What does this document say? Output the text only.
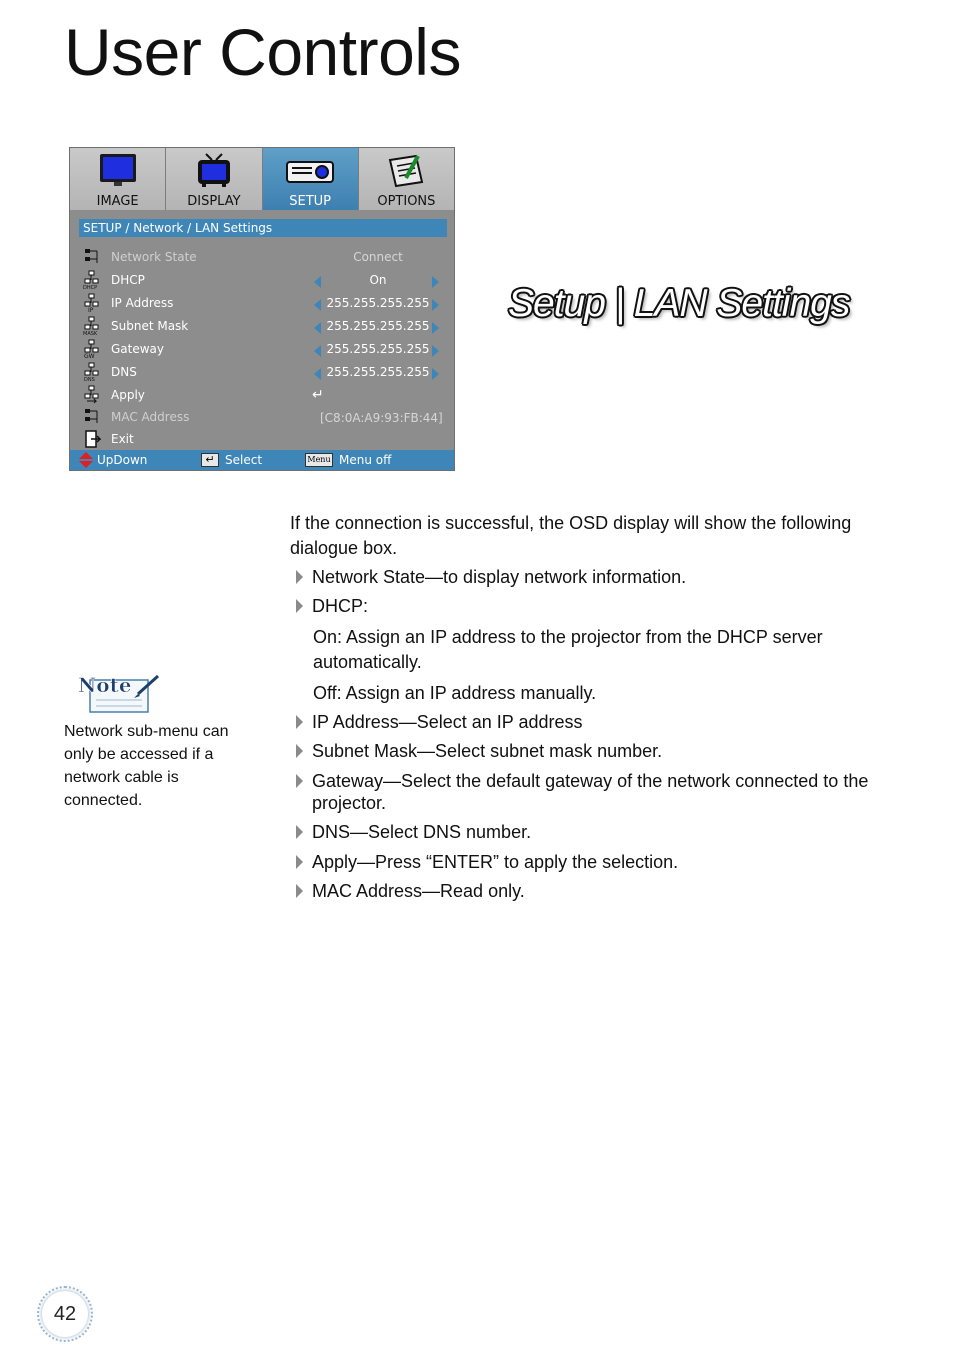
User Controls
IMAGE	DISPLAY	SETUP	OPTIONS
SETUP / Network / LAN Settings
Network State	Connect
DHCP
DHCP	On
IP
IP Address	255.255.255.255
MASK
Subnet Mask	255.255.255.255
GW
Gateway	255.255.255.255
DNS
DNS	255.255.255.255
Apply	↵
MAC Address	[C8:0A:A9:93:FB:44]
Exit
UpDown	↵ Select	Menu Menu off
Setup | LAN Settings
Note
Network sub-menu can only be accessed if a network cable is connected.
If the connection is successful, the OSD display will show the following dialogue box.
Network State—to display network information.
DHCP:
On: Assign an IP address to the projector from the DHCP server automatically.
Off: Assign an IP address manually.
IP Address—Select an IP address
Subnet Mask—Select subnet mask number.
Gateway—Select the default gateway of the network connected to the projector.
DNS—Select DNS number.
Apply—Press “ENTER” to apply the selection.
MAC Address—Read only.
42
